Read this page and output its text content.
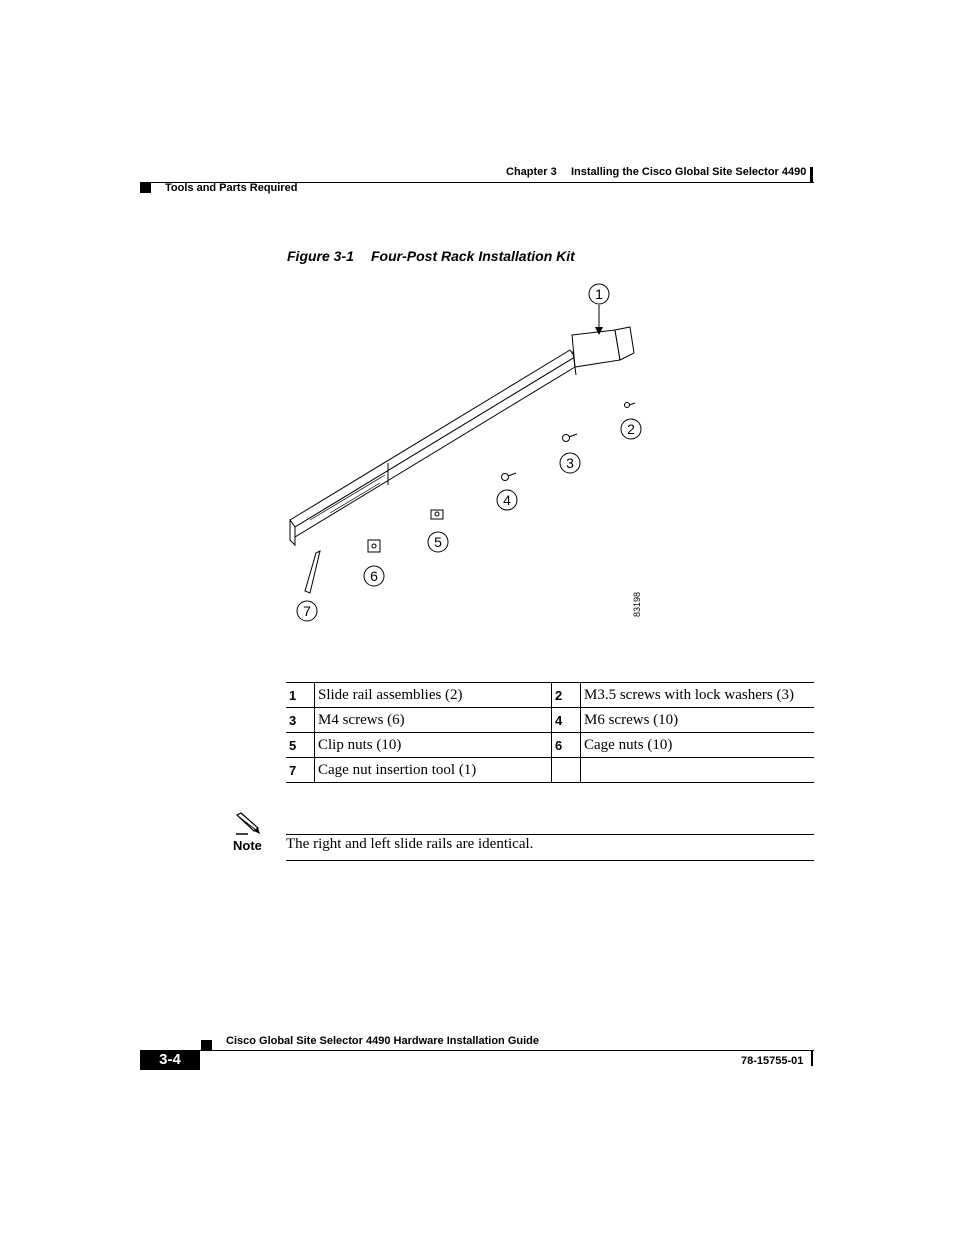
Chapter 3 Installing the Cisco Global Site Selector 4490
Tools and Parts Required
Figure 3-1 Four-Post Rack Installation Kit
1
2
3
4
5
6
7	83198
1	Slide rail assemblies (2)	2	M3.5 screws with lock washers (3)
3	M4 screws (6)	4	M6 screws (10)
5	Clip nuts (10)	6	Cage nuts (10)
7	Cage nut insertion tool (1)		
Note The right and left slide rails are identical.
Cisco Global Site Selector 4490 Hardware Installation Guide
3-4	78-15755-01
